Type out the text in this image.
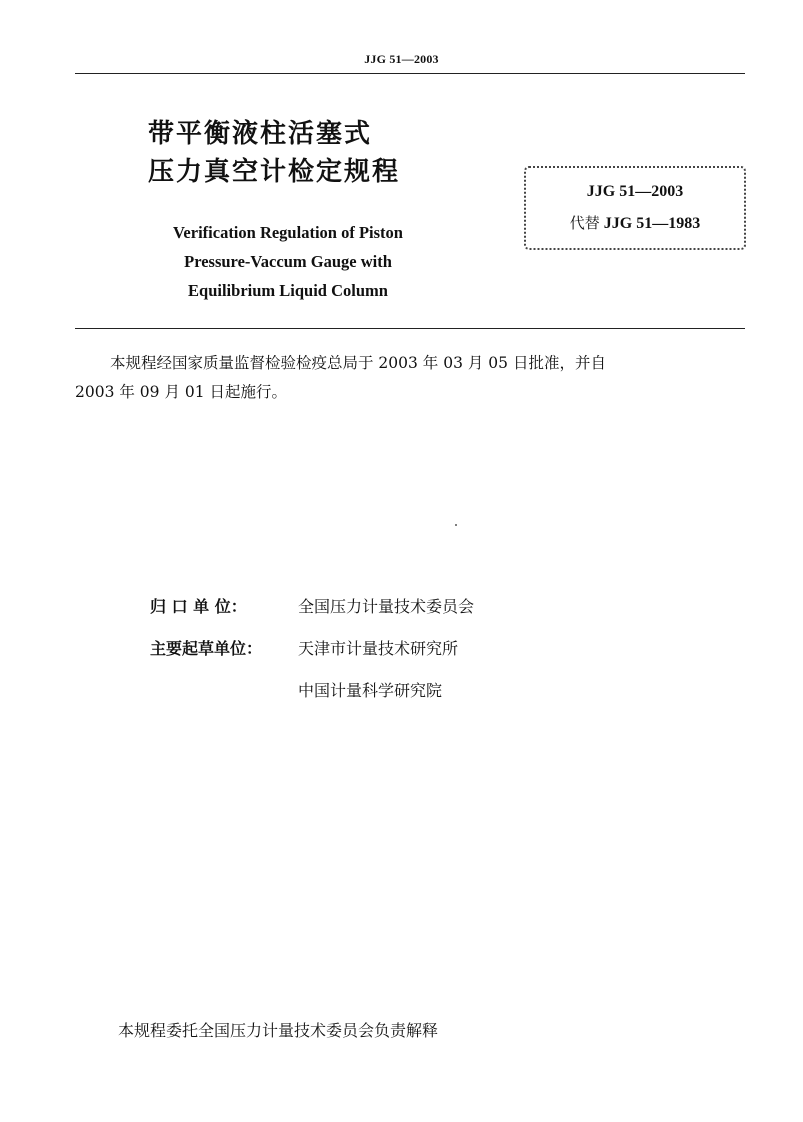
JJG 51—2003
带平衡液柱活塞式
压力真空计检定规程
Verification Regulation of Piston
Pressure-Vaccum Gauge with
Equilibrium Liquid Column
JJG 51—2003
代替 JJG 51—1983
本规程经国家质量监督检验检疫总局于 2003 年 03 月 05 日批准，并自
2003 年 09 月 01 日起施行。
归 口 单 位：	全国压力计量技术委员会
主要起草单位： 天津市计量技术研究所
中国计量科学研究院
本规程委托全国压力计量技术委员会负责解释
